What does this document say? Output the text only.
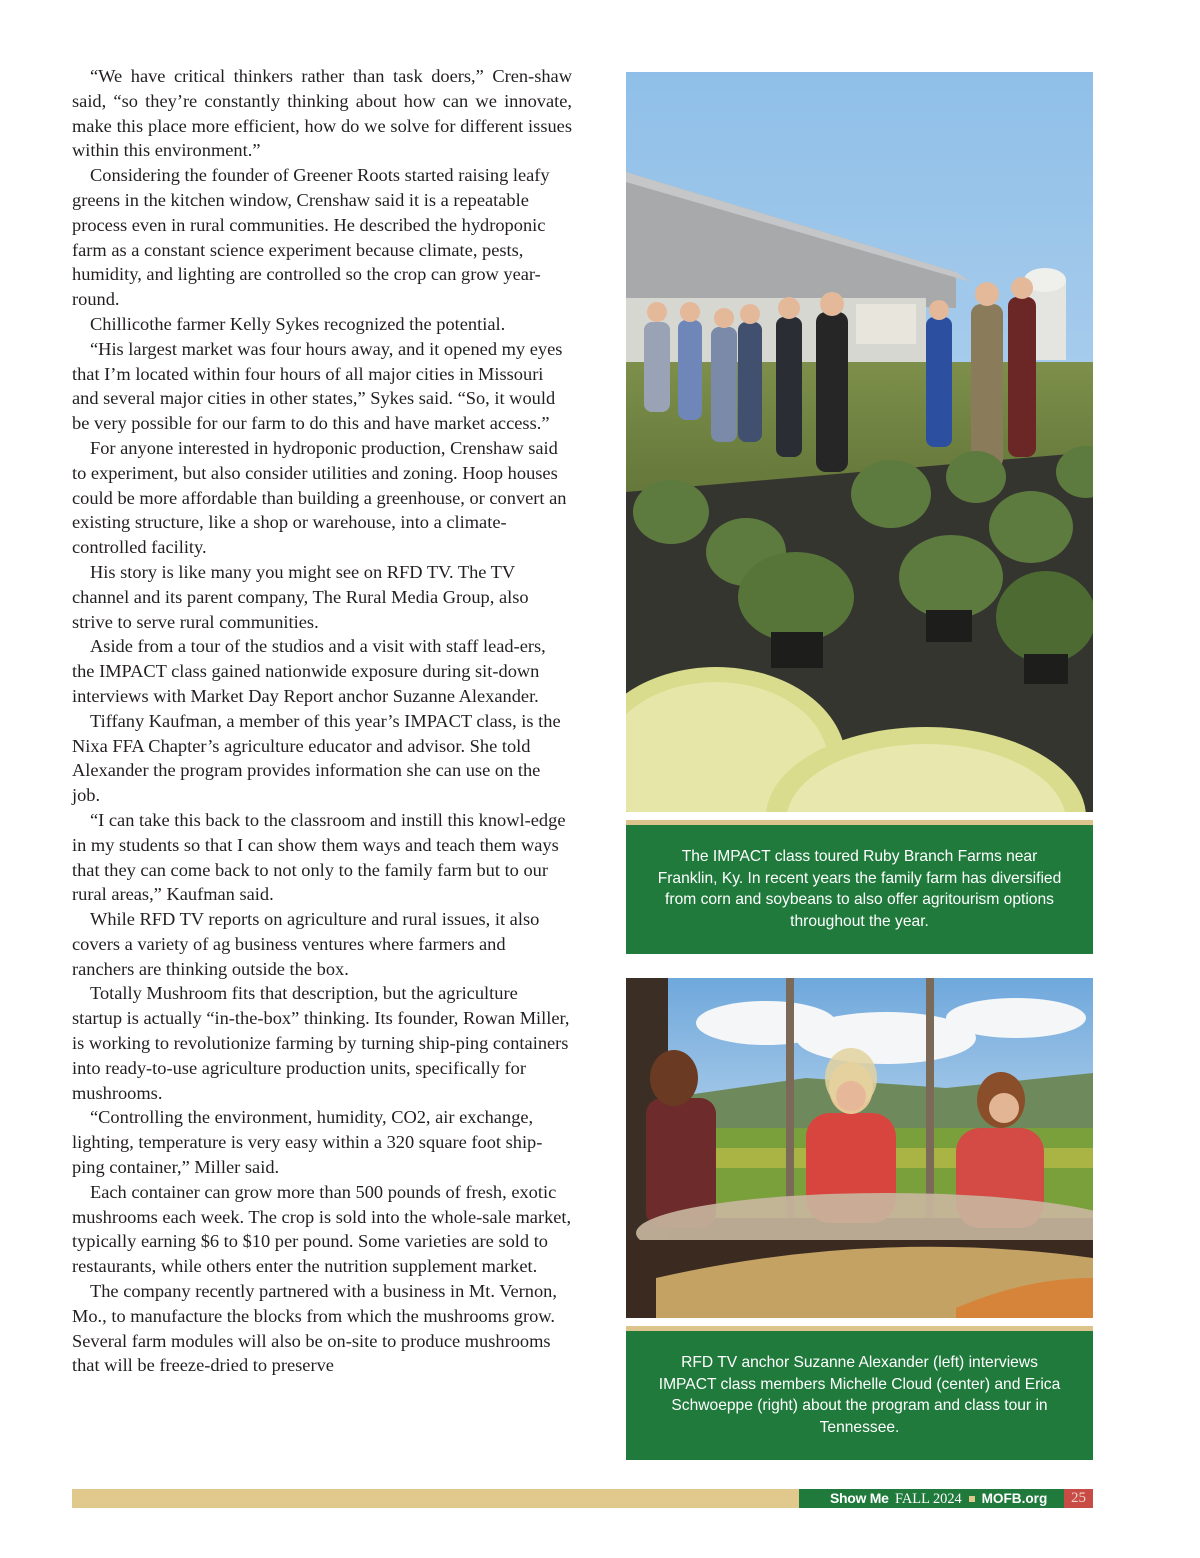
“We have critical thinkers rather than task doers,” Cren-shaw said, “so they’re constantly thinking about how can we innovate, make this place more efficient, how do we solve for different issues within this environment.”

Considering the founder of Greener Roots started raising leafy greens in the kitchen window, Crenshaw said it is a repeatable process even in rural communities. He described the hydroponic farm as a constant science experiment because climate, pests, humidity, and lighting are controlled so the crop can grow year-round.

Chillicothe farmer Kelly Sykes recognized the potential.

“His largest market was four hours away, and it opened my eyes that I’m located within four hours of all major cities in Missouri and several major cities in other states,” Sykes said. “So, it would be very possible for our farm to do this and have market access.”

For anyone interested in hydroponic production, Crenshaw said to experiment, but also consider utilities and zoning. Hoop houses could be more affordable than building a greenhouse, or convert an existing structure, like a shop or warehouse, into a climate-controlled facility.

His story is like many you might see on RFD TV. The TV channel and its parent company, The Rural Media Group, also strive to serve rural communities.

Aside from a tour of the studios and a visit with staff lead-ers, the IMPACT class gained nationwide exposure during sit-down interviews with Market Day Report anchor Suzanne Alexander.

Tiffany Kaufman, a member of this year’s IMPACT class, is the Nixa FFA Chapter’s agriculture educator and advisor. She told Alexander the program provides information she can use on the job.

“I can take this back to the classroom and instill this knowl-edge in my students so that I can show them ways and teach them ways that they can come back to not only to the family farm but to our rural areas,” Kaufman said.

While RFD TV reports on agriculture and rural issues, it also covers a variety of ag business ventures where farmers and ranchers are thinking outside the box.

Totally Mushroom fits that description, but the agriculture startup is actually “in-the-box” thinking. Its founder, Rowan Miller, is working to revolutionize farming by turning ship-ping containers into ready-to-use agriculture production units, specifically for mushrooms.

“Controlling the environment, humidity, CO2, air exchange, lighting, temperature is very easy within a 320 square foot ship-ping container,” Miller said.

Each container can grow more than 500 pounds of fresh, exotic mushrooms each week. The crop is sold into the whole-sale market, typically earning $6 to $10 per pound. Some varieties are sold to restaurants, while others enter the nutrition supplement market.

The company recently partnered with a business in Mt. Vernon, Mo., to manufacture the blocks from which the mushrooms grow. Several farm modules will also be on-site to produce mushrooms that will be freeze-dried to preserve

The IMPACT class toured Ruby Branch Farms near Franklin, Ky. In recent years the family farm has diversified from corn and soybeans to also offer agritourism options throughout the year.
RFD TV anchor Suzanne Alexander (left) interviews IMPACT class members Michelle Cloud (center) and Erica Schwoeppe (right) about the program and class tour in Tennessee.
Show Me FALL 2024 MOFB.org	25
